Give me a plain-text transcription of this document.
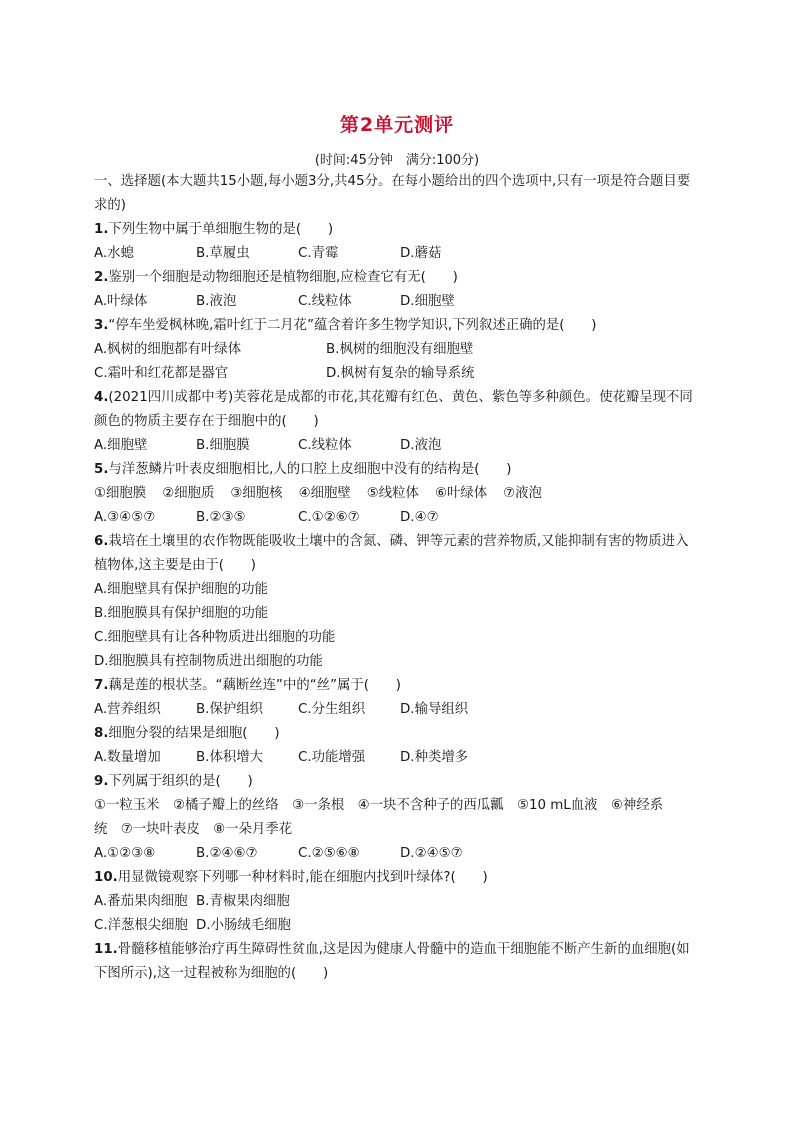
第2单元测评
(时间:45分钟　满分:100分)
一、选择题(本大题共15小题,每小题3分,共45分。在每小题给出的四个选项中,只有一项是符合题目要求的)
1.下列生物中属于单细胞生物的是(　　)
A.水螅	B.草履虫	C.青霉	D.蘑菇
2.鉴别一个细胞是动物细胞还是植物细胞,应检查它有无(　　)
A.叶绿体	B.液泡	C.线粒体	D.细胞壁
3.“停车坐爱枫林晚,霜叶红于二月花”蕴含着许多生物学知识,下列叙述正确的是(　　)
A.枫树的细胞都有叶绿体	B.枫树的细胞没有细胞壁
C.霜叶和红花都是器官	D.枫树有复杂的输导系统
4.(2021四川成都中考)芙蓉花是成都的市花,其花瓣有红色、黄色、紫色等多种颜色。使花瓣呈现不同颜色的物质主要存在于细胞中的(　　)
A.细胞壁	B.细胞膜	C.线粒体	D.液泡
5.与洋葱鳞片叶表皮细胞相比,人的口腔上皮细胞中没有的结构是(　　)
①细胞膜 ②细胞质 ③细胞核 ④细胞壁 ⑤线粒体 ⑥叶绿体 ⑦液泡
A.③④⑤⑦	B.②③⑤	C.①②⑥⑦	D.④⑦
6.栽培在土壤里的农作物既能吸收土壤中的含氮、磷、钾等元素的营养物质,又能抑制有害的物质进入植物体,这主要是由于(　　)
A.细胞壁具有保护细胞的功能
B.细胞膜具有保护细胞的功能
C.细胞壁具有让各种物质进出细胞的功能
D.细胞膜具有控制物质进出细胞的功能
7.藕是莲的根状茎。“藕断丝连”中的“丝”属于(　　)
A.营养组织	B.保护组织	C.分生组织	D.输导组织
8.细胞分裂的结果是细胞(　　)
A.数量增加	B.体积增大	C.功能增强	D.种类增多
9.下列属于组织的是(　　)
①一粒玉米　②橘子瓣上的丝络　③一条根　④一块不含种子的西瓜瓤　⑤10 mL血液　⑥神经系
统　⑦一块叶表皮　⑧一朵月季花
A.①②③⑧	B.②④⑥⑦	C.②⑤⑥⑧	D.②④⑤⑦
10.用显微镜观察下列哪一种材料时,能在细胞内找到叶绿体?(　　)
A.番茄果肉细胞 B.青椒果肉细胞
C.洋葱根尖细胞 D.小肠绒毛细胞
11.骨髓移植能够治疗再生障碍性贫血,这是因为健康人骨髓中的造血干细胞能不断产生新的血细胞(如下图所示),这一过程被称为细胞的(　　)
